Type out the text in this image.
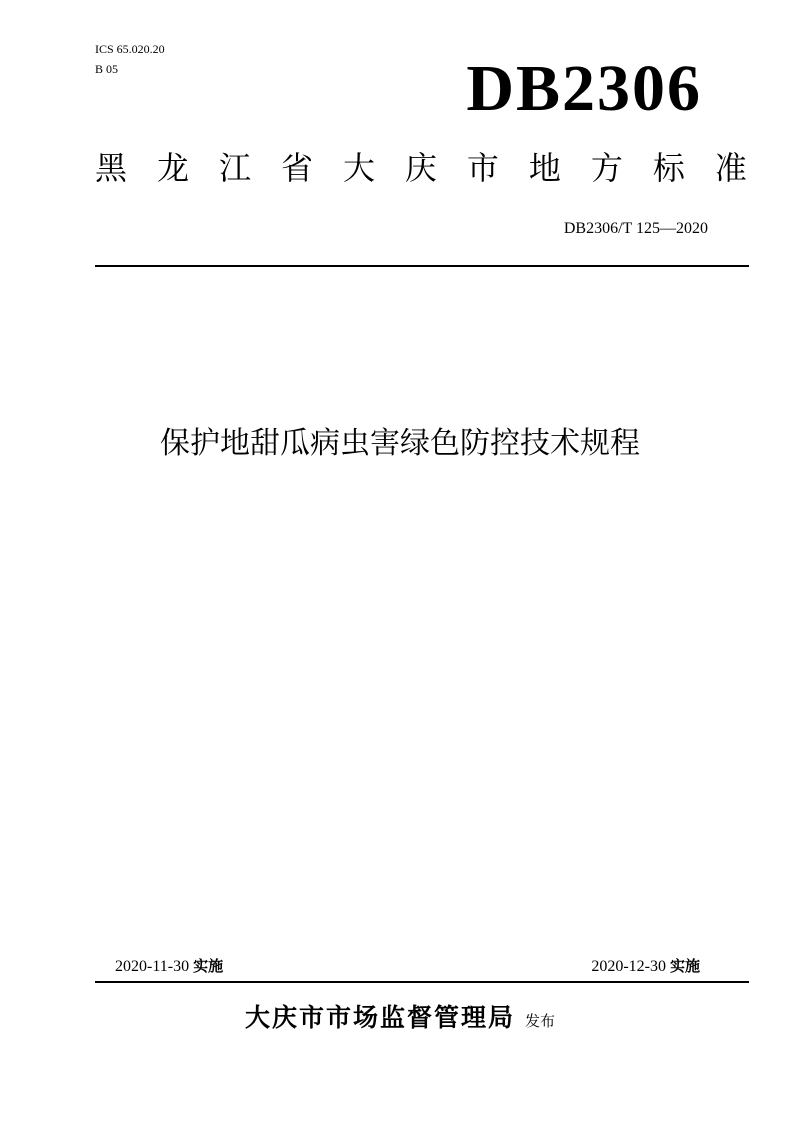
ICS 65.020.20
B 05	DB2306
黑 龙 江 省 大 庆 市 地 方 标 准
DB2306/T 125—2020
保护地甜瓜病虫害绿色防控技术规程
2020-11-30 实施	2020-12-30 实施
大庆市市场监督管理局 发布
